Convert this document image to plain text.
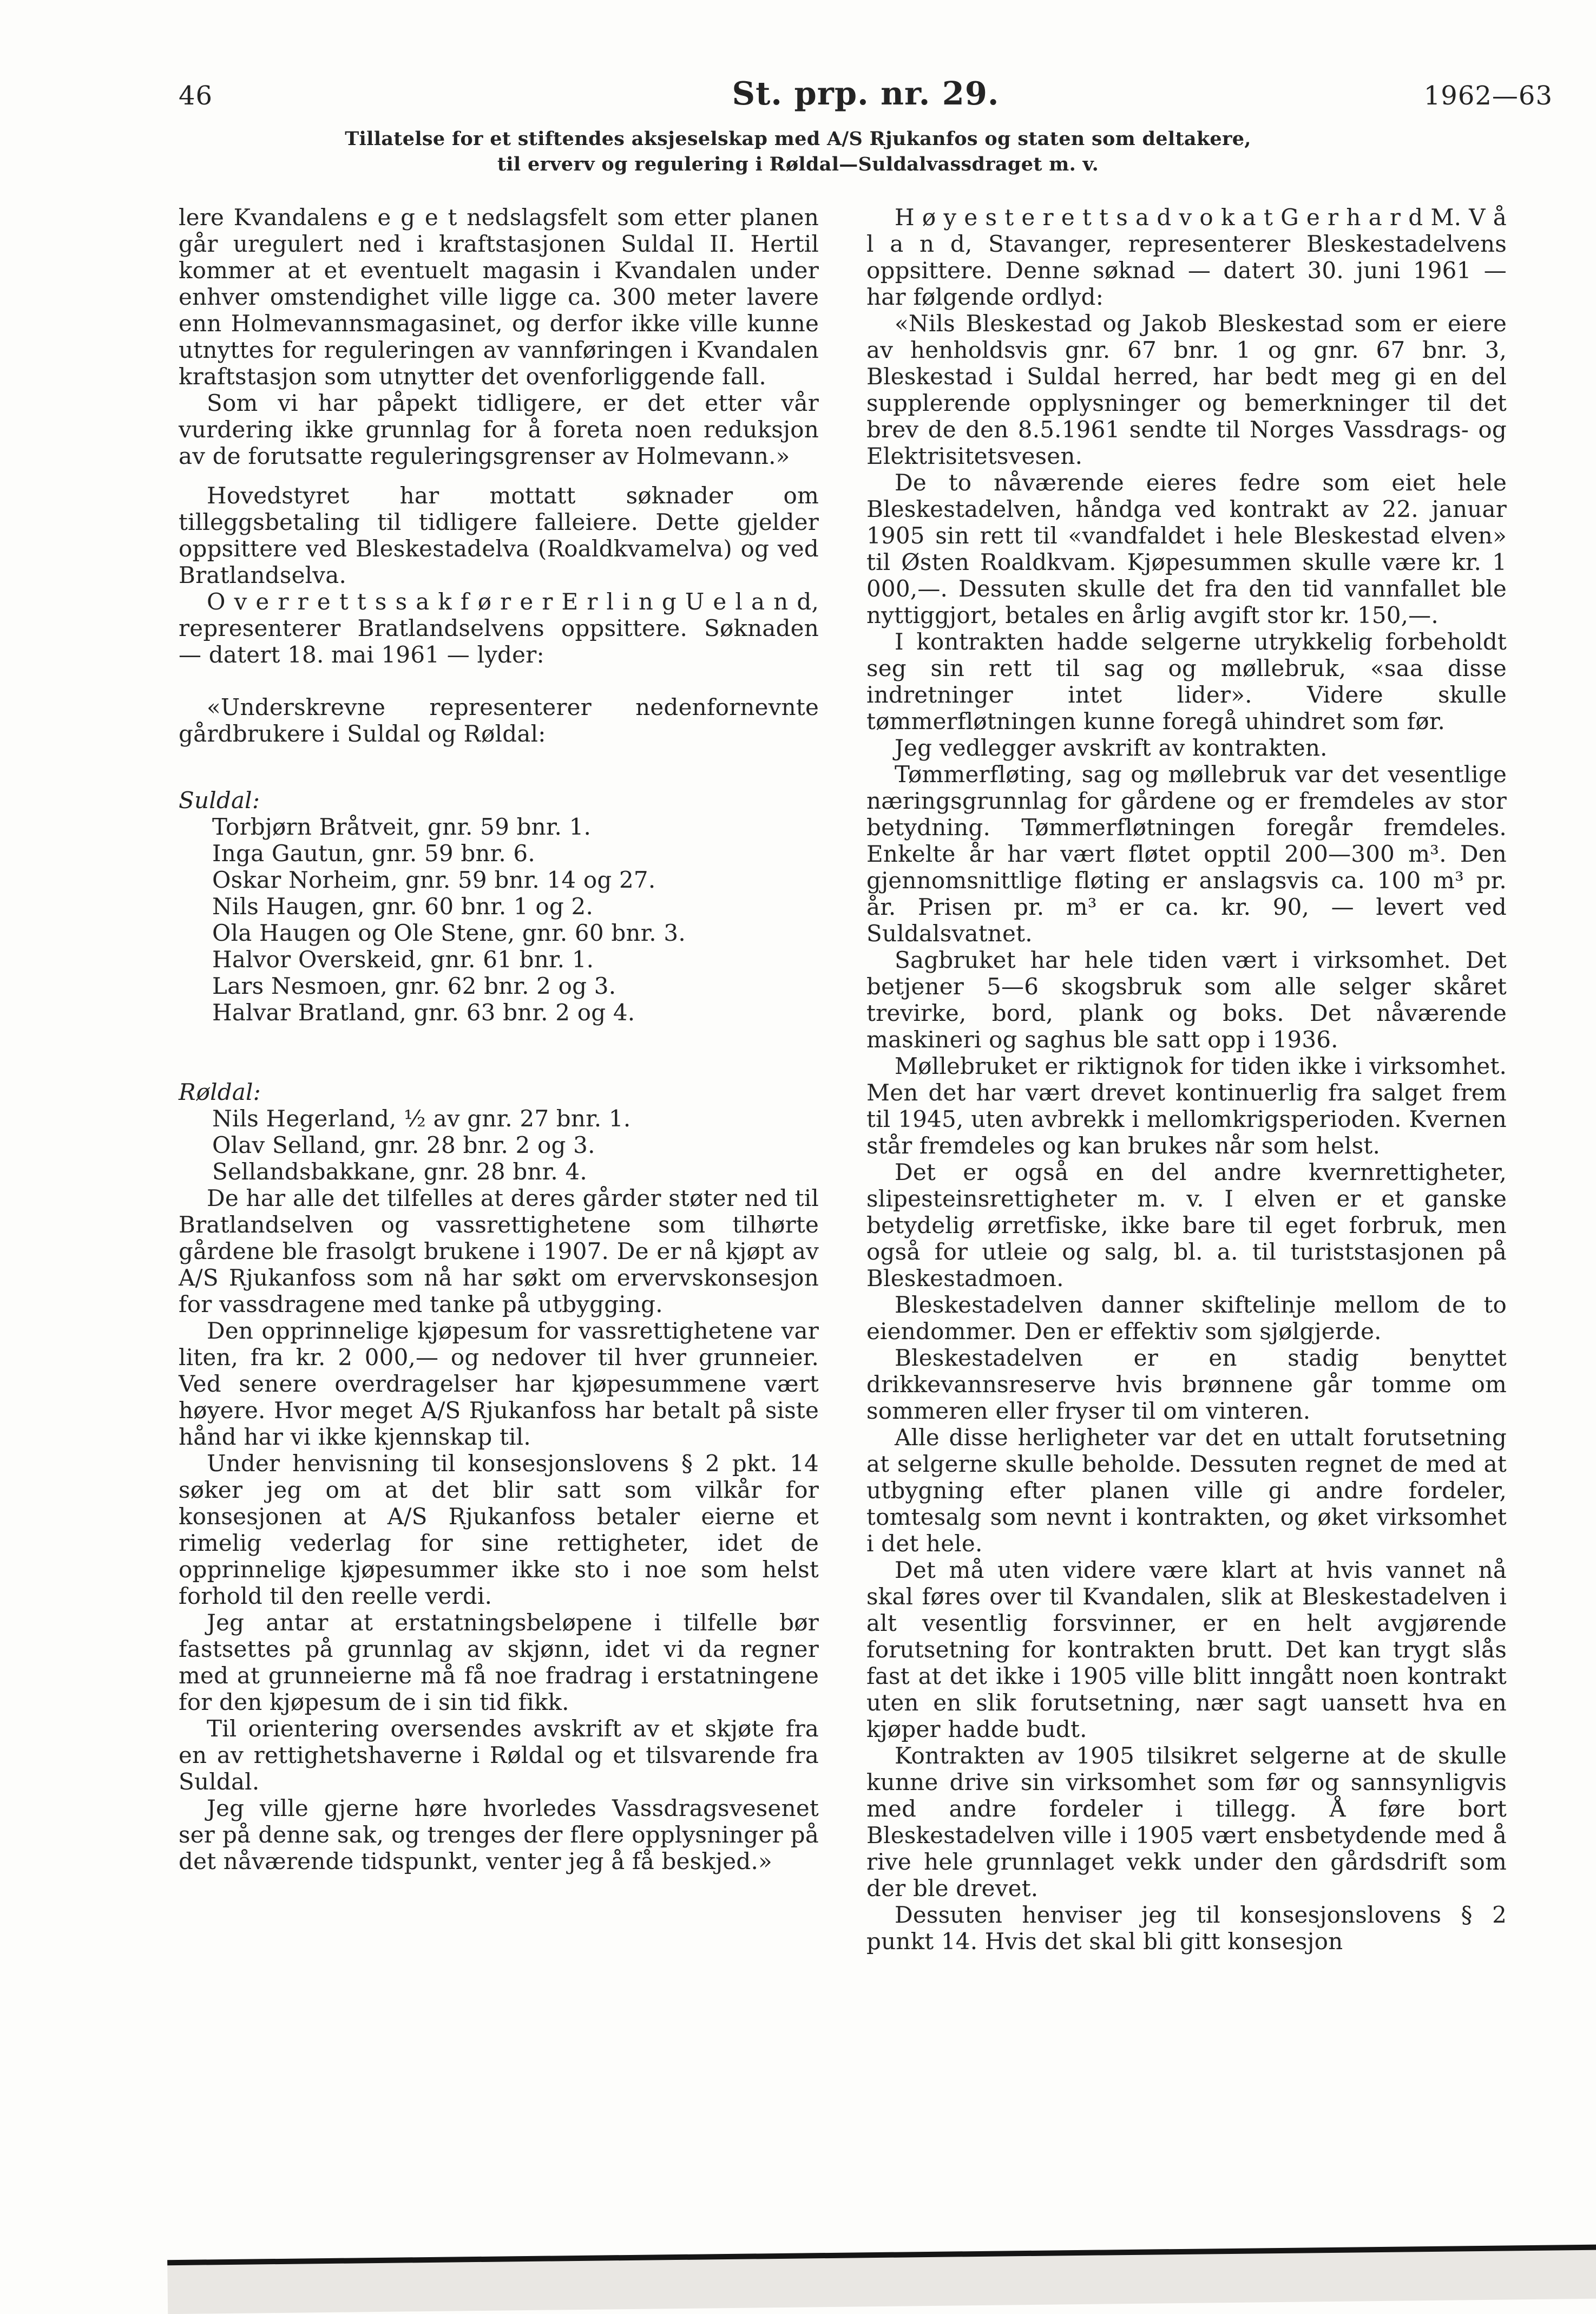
46	St. prp. nr. 29.	1962—63
Tillatelse for et stiftendes aksjeselskap med A/S Rjukanfos og staten som deltakere,
til erverv og regulering i Røldal—Suldalvassdraget m. v.

lere Kvandalens e g e t nedslagsfelt som etter planen går uregulert ned i kraftstasjonen Suldal II. Hertil kommer at et eventuelt magasin i Kvandalen under enhver omstendighet ville ligge ca. 300 meter lavere enn Holmevannsmagasinet, og derfor ikke ville kunne utnyttes for reguleringen av vannføringen i Kvandalen kraftstasjon som utnytter det ovenforliggende fall.

Som vi har påpekt tidligere, er det etter vår vurdering ikke grunnlag for å foreta noen reduksjon av de forutsatte reguleringsgrenser av Holmevann.»

Hovedstyret har mottatt søknader om tilleggsbetaling til tidligere falleiere. Dette gjelder oppsittere ved Bleskestadelva (Roaldkvamelva) og ved Bratlandselva.

O v e r r e t t s s a k f ø r e r E r l i n g U e l a n d, representerer Bratlandselvens oppsittere. Søknaden — datert 18. mai 1961 — lyder:

«Underskrevne representerer nedenfornevnte gårdbrukere i Suldal og Røldal:

Suldal:

Torbjørn Bråtveit, gnr. 59 bnr. 1.
Inga Gautun, gnr. 59 bnr. 6.
Oskar Norheim, gnr. 59 bnr. 14 og 27.
Nils Haugen, gnr. 60 bnr. 1 og 2.
Ola Haugen og Ole Stene, gnr. 60 bnr. 3.
Halvor Overskeid, gnr. 61 bnr. 1.
Lars Nesmoen, gnr. 62 bnr. 2 og 3.
Halvar Bratland, gnr. 63 bnr. 2 og 4.

Røldal:

Nils Hegerland, ½ av gnr. 27 bnr. 1.
Olav Selland, gnr. 28 bnr. 2 og 3.
Sellandsbakkane, gnr. 28 bnr. 4.

De har alle det tilfelles at deres gårder støter ned til Bratlandselven og vassrettighetene som tilhørte gårdene ble frasolgt brukene i 1907. De er nå kjøpt av A/S Rjukanfoss som nå har søkt om ervervskonsesjon for vassdragene med tanke på utbygging.

Den opprinnelige kjøpesum for vassrettighetene var liten, fra kr. 2 000,— og nedover til hver grunneier. Ved senere overdragelser har kjøpesummene vært høyere. Hvor meget A/S Rjukanfoss har betalt på siste hånd har vi ikke kjennskap til.

Under henvisning til konsesjonslovens § 2 pkt. 14 søker jeg om at det blir satt som vilkår for konsesjonen at A/S Rjukanfoss betaler eierne et rimelig vederlag for sine rettigheter, idet de opprinnelige kjøpesummer ikke sto i noe som helst forhold til den reelle verdi.

Jeg antar at erstatningsbeløpene i tilfelle bør fastsettes på grunnlag av skjønn, idet vi da regner med at grunneierne må få noe fradrag i erstatningene for den kjøpesum de i sin tid fikk.

Til orientering oversendes avskrift av et skjøte fra en av rettighetshaverne i Røldal og et tilsvarende fra Suldal.

Jeg ville gjerne høre hvorledes Vassdragsvesenet ser på denne sak, og trenges der flere opplysninger på det nåværende tidspunkt, venter jeg å få beskjed.»

H ø y e s t e r e t t s a d v o k a t G e r h a r d M. V å l a n d, Stavanger, representerer Bleskestadelvens oppsittere. Denne søknad — datert 30. juni 1961 — har følgende ordlyd:

«Nils Bleskestad og Jakob Bleskestad som er eiere av henholdsvis gnr. 67 bnr. 1 og gnr. 67 bnr. 3, Bleskestad i Suldal herred, har bedt meg gi en del supplerende opplysninger og bemerkninger til det brev de den 8.5.1961 sendte til Norges Vassdrags- og Elektrisitetsvesen.

De to nåværende eieres fedre som eiet hele Bleskestadelven, håndga ved kontrakt av 22. januar 1905 sin rett til «vandfaldet i hele Bleskestad elven» til Østen Roaldkvam. Kjøpesummen skulle være kr. 1 000,—. Dessuten skulle det fra den tid vannfallet ble nyttiggjort, betales en årlig avgift stor kr. 150,—.

I kontrakten hadde selgerne utrykkelig forbeholdt seg sin rett til sag og møllebruk, «saa disse indretninger intet lider». Videre skulle tømmerfløtningen kunne foregå uhindret som før.

Jeg vedlegger avskrift av kontrakten.

Tømmerfløting, sag og møllebruk var det vesentlige næringsgrunnlag for gårdene og er fremdeles av stor betydning. Tømmerfløtningen foregår fremdeles. Enkelte år har vært fløtet opptil 200—300 m³. Den gjennomsnittlige fløting er anslagsvis ca. 100 m³ pr. år. Prisen pr. m³ er ca. kr. 90, — levert ved Suldalsvatnet.

Sagbruket har hele tiden vært i virksomhet. Det betjener 5—6 skogsbruk som alle selger skåret trevirke, bord, plank og boks. Det nåværende maskineri og saghus ble satt opp i 1936.

Møllebruket er riktignok for tiden ikke i virksomhet. Men det har vært drevet kontinuerlig fra salget frem til 1945, uten avbrekk i mellomkrigsperioden. Kvernen står fremdeles og kan brukes når som helst.

Det er også en del andre kvernrettigheter, slipesteinsrettigheter m. v. I elven er et ganske betydelig ørretfiske, ikke bare til eget forbruk, men også for utleie og salg, bl. a. til turiststasjonen på Bleskestadmoen.

Bleskestadelven danner skiftelinje mellom de to eiendommer. Den er effektiv som sjølgjerde.

Bleskestadelven er en stadig benyttet drikkevannsreserve hvis brønnene går tomme om sommeren eller fryser til om vinteren.

Alle disse herligheter var det en uttalt forutsetning at selgerne skulle beholde. Dessuten regnet de med at utbygning efter planen ville gi andre fordeler, tomtesalg som nevnt i kontrakten, og øket virksomhet i det hele.

Det må uten videre være klart at hvis vannet nå skal føres over til Kvandalen, slik at Bleskestadelven i alt vesentlig forsvinner, er en helt avgjørende forutsetning for kontrakten brutt. Det kan trygt slås fast at det ikke i 1905 ville blitt inngått noen kontrakt uten en slik forutsetning, nær sagt uansett hva en kjøper hadde budt.

Kontrakten av 1905 tilsikret selgerne at de skulle kunne drive sin virksomhet som før og sannsynligvis med andre fordeler i tillegg. Å føre bort Bleskestadelven ville i 1905 vært ensbetydende med å rive hele grunnlaget vekk under den gårdsdrift som der ble drevet.

Dessuten henviser jeg til konsesjonslovens § 2 punkt 14. Hvis det skal bli gitt konsesjon
